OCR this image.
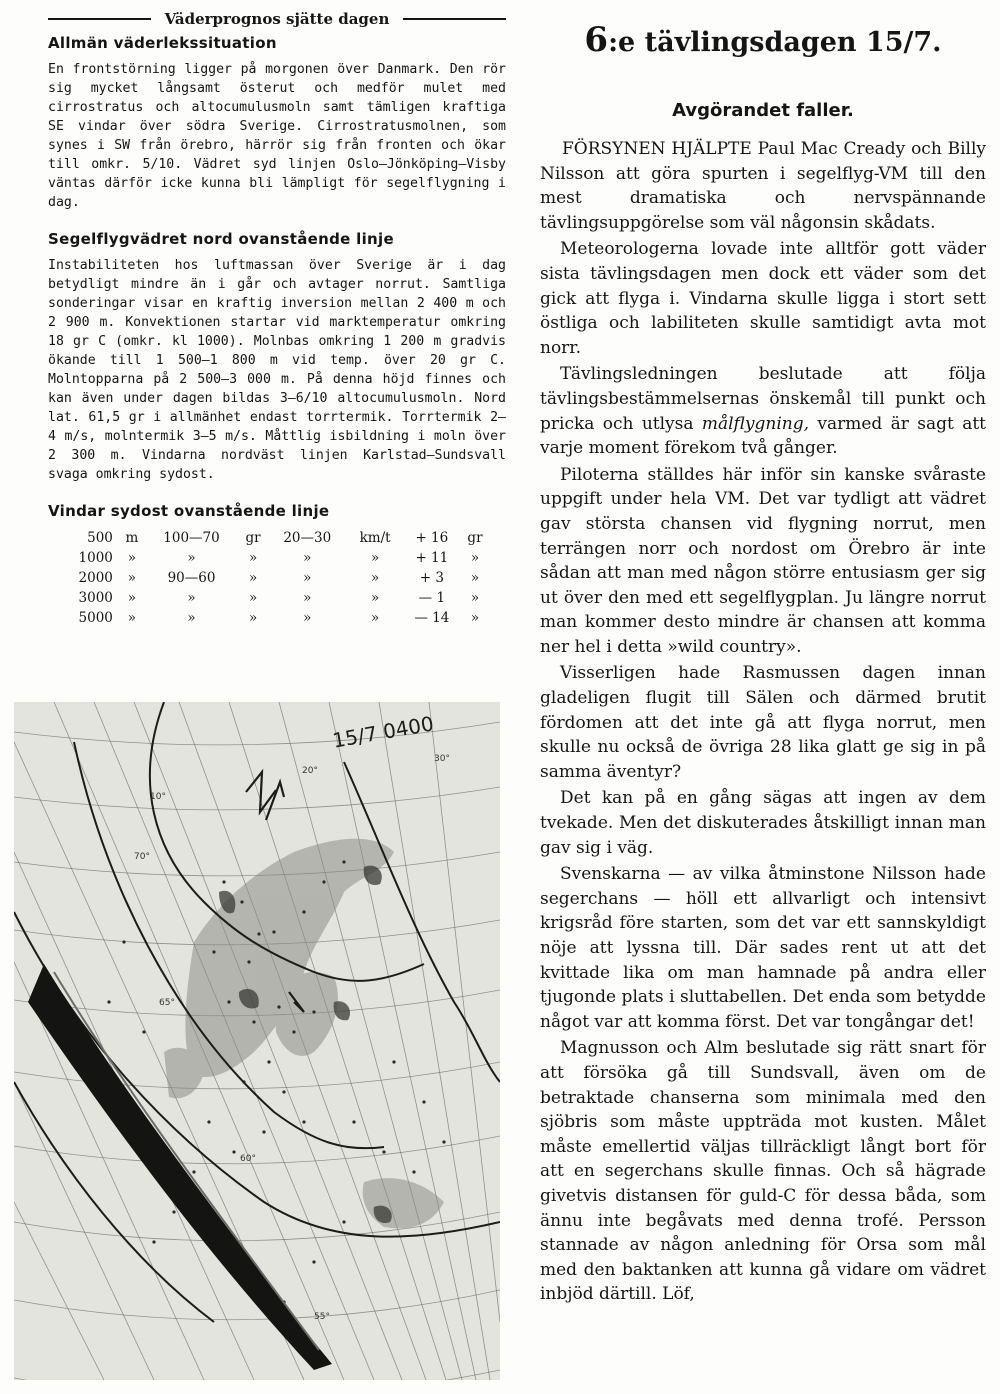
Väderprognos sjätte dagen
Allmän väderlekssituation

En frontstörning ligger på morgonen över Danmark. Den rör sig mycket långsamt österut och medför mulet med cirrostratus och altocumulusmoln samt tämligen kraftiga SE vindar över södra Sverige. Cirrostratusmolnen, som synes i SW från örebro, härrör sig från fronten och ökar till omkr. 5/10. Vädret syd linjen Oslo—Jönköping—Visby väntas därför icke kunna bli lämpligt för segelflygning i dag.

Segelflygvädret nord ovanstående linje

Instabiliteten hos luftmassan över Sverige är i dag betydligt mindre än i går och avtager norrut. Samtliga sonderingar visar en kraftig inversion mellan 2 400 m och 2 900 m. Konvektionen startar vid marktemperatur omkring 18 gr C (omkr. kl 1000). Molnbas omkring 1 200 m gradvis ökande till 1 500—1 800 m vid temp. över 20 gr C. Molntopparna på 2 500—3 000 m. På denna höjd finnes och kan även under dagen bildas 3—6/10 altocumulusmoln. Nord lat. 61,5 gr i allmänhet endast torrtermik. Torrtermik 2—4 m/s, molntermik 3—5 m/s. Måttlig isbildning i moln över 2 300 m. Vindarna nordväst linjen Karlstad—Sundsvall svaga omkring sydost.

Vindar sydost ovanstående linje
500	m	100—70	gr	20—30	km/t	+ 16	gr
1000	»	»	»	»	»	+ 11	»
2000	»	90—60	»	»	»	+ 3	»
3000	»	»	»	»	»	— 1	»
5000	»	»	»	»	»	— 14	»
15/7 0400
10°
20°
30°
70°
65°
60°
55°
6:e tävlingsdagen 15/7.
Avgörandet faller.

FÖRSYNEN HJÄLPTE Paul Mac Cready och Billy Nilsson att göra spurten i segelflyg-VM till den mest dramatiska och nervspännande tävlingsuppgörelse som väl någonsin skådats.

Meteorologerna lovade inte alltför gott väder sista tävlingsdagen men dock ett väder som det gick att flyga i. Vindarna skulle ligga i stort sett östliga och labiliteten skulle samtidigt avta mot norr.

Tävlingsledningen beslutade att följa tävlingsbestämmelsernas önskemål till punkt och pricka och utlysa målflygning, varmed är sagt att varje moment förekom två gånger.

Piloterna ställdes här inför sin kanske svåraste uppgift under hela VM. Det var tydligt att vädret gav största chansen vid flygning norrut, men terrängen norr och nordost om Örebro är inte sådan att man med någon större entusiasm ger sig ut över den med ett segelflygplan. Ju längre norrut man kommer desto mindre är chansen att komma ner hel i detta »wild country».

Visserligen hade Rasmussen dagen innan gladeligen flugit till Sälen och därmed brutit fördomen att det inte gå att flyga norrut, men skulle nu också de övriga 28 lika glatt ge sig in på samma äventyr?

Det kan på en gång sägas att ingen av dem tvekade. Men det diskuterades åtskilligt innan man gav sig i väg.

Svenskarna — av vilka åtminstone Nilsson hade segerchans — höll ett allvarligt och intensivt krigsråd före starten, som det var ett sannskyldigt nöje att lyssna till. Där sades rent ut att det kvittade lika om man hamnade på andra eller tjugonde plats i sluttabellen. Det enda som betydde något var att komma först. Det var tongångar det!

Magnusson och Alm beslutade sig rätt snart för att försöka gå till Sundsvall, även om de betraktade chanserna som minimala med den sjöbris som måste uppträda mot kusten. Målet måste emellertid väljas tillräckligt långt bort för att en segerchans skulle finnas. Och så hägrade givetvis distansen för guld-C för dessa båda, som ännu inte begåvats med denna trofé. Persson stannade av någon anledning för Orsa som mål med den baktanken att kunna gå vidare om vädret inbjöd därtill. Löf,
